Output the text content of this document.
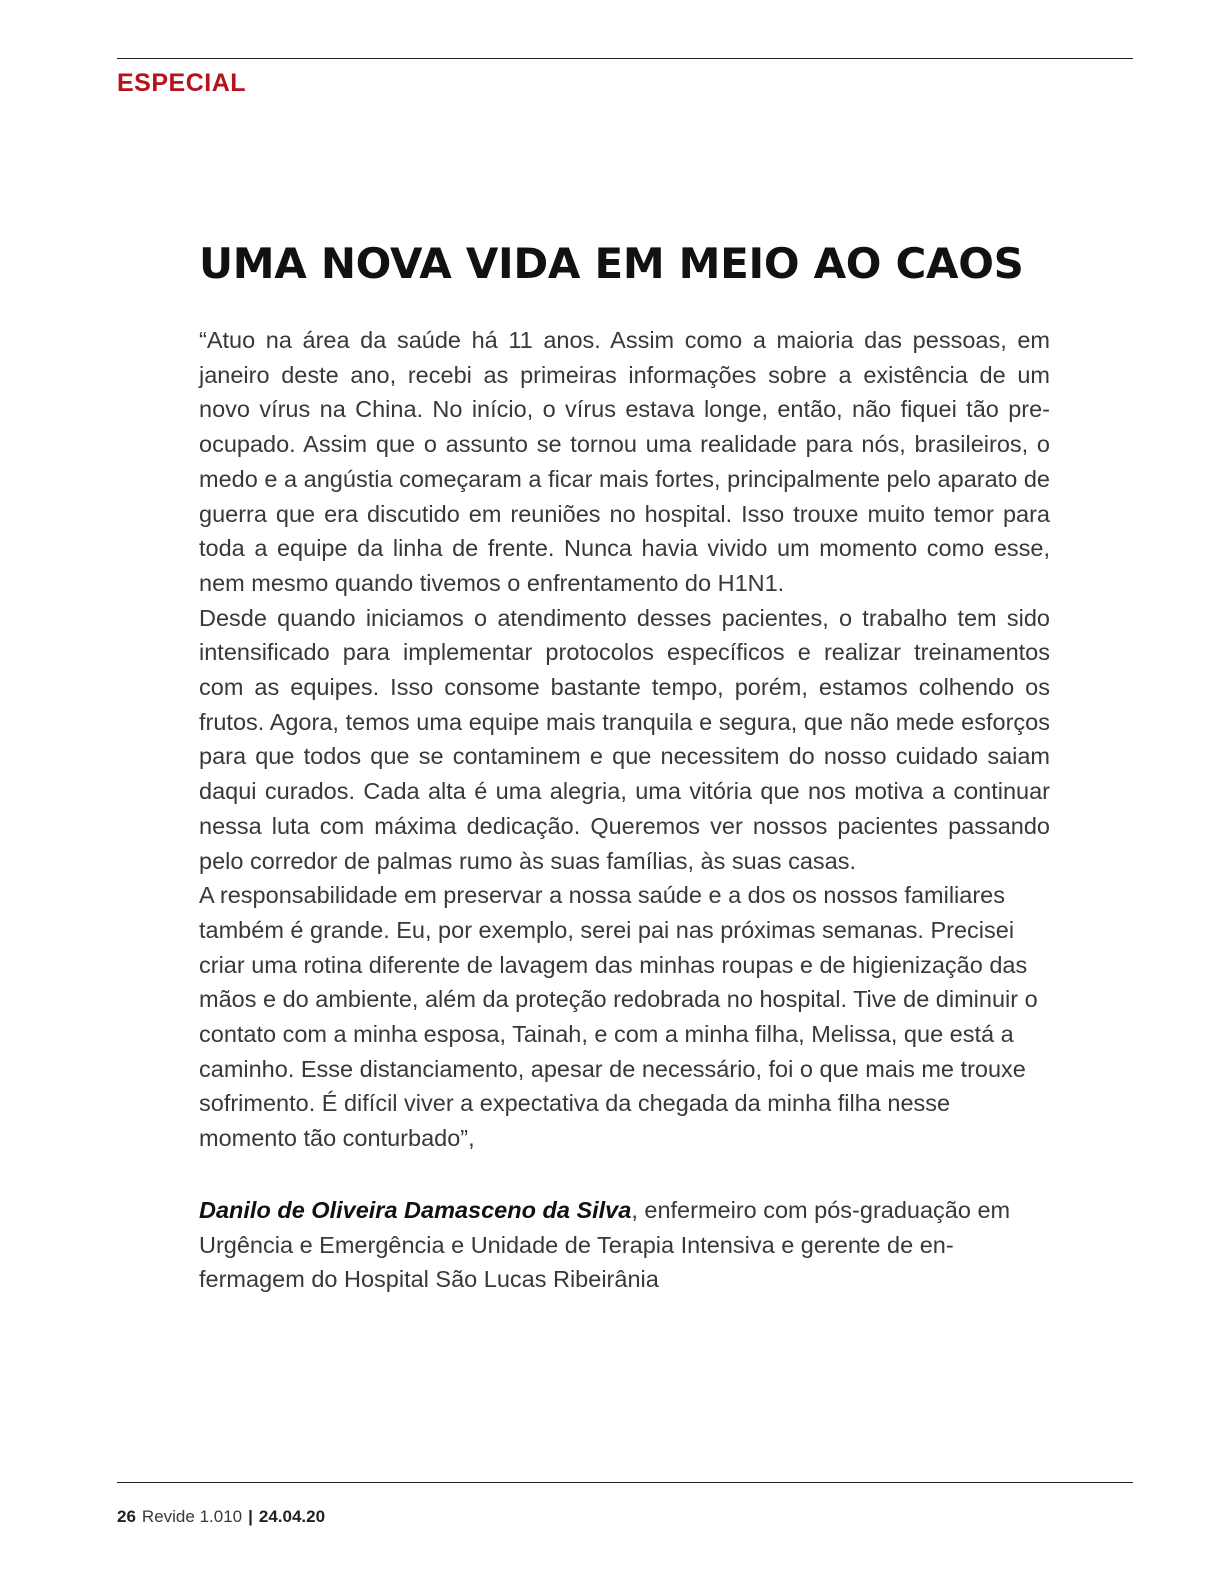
ESPECIAL
UMA NOVA VIDA EM MEIO AO CAOS

“Atuo na área da saúde há 11 anos. Assim como a maioria das pessoas, em janeiro deste ano, recebi as primeiras informações sobre a existência de um novo vírus na China. No início, o vírus estava longe, então, não fiquei tão preocupado. Assim que o assunto se tornou uma realidade para nós, brasileiros, o medo e a angústia começaram a ficar mais fortes, principalmente pelo aparato de guerra que era discutido em reuniões no hospital. Isso trouxe muito temor para toda a equipe da linha de frente. Nunca havia vivido um momento como esse, nem mesmo quando tivemos o enfrentamento do H1N1.

Desde quando iniciamos o atendimento desses pacientes, o trabalho tem sido intensificado para implementar protocolos específicos e realizar treinamentos com as equipes. Isso consome bastante tempo, porém, estamos colhendo os frutos. Agora, temos uma equipe mais tranquila e segura, que não mede esforços para que todos que se contaminem e que necessitem do nosso cuidado saiam daqui curados. Cada alta é uma alegria, uma vitória que nos motiva a continuar nessa luta com máxima dedicação. Queremos ver nossos pacientes passando pelo corredor de palmas rumo às suas famílias, às suas casas.

A responsabilidade em preservar a nossa saúde e a dos os nossos familiares também é grande. Eu, por exemplo, serei pai nas próximas semanas. Precisei criar uma rotina diferente de lavagem das minhas roupas e de higienização das mãos e do ambiente, além da proteção redobrada no hospital. Tive de diminuir o contato com a minha esposa, Tainah, e com a minha filha, Melissa, que está a caminho. Esse distanciamento, apesar de necessário, foi o que mais me trouxe sofrimento. É difícil viver a expectativa da chegada da minha filha nesse momento tão conturbado”,

Danilo de Oliveira Damasceno da Silva, enfermeiro com pós-graduação em Urgência e Emergência e Unidade de Terapia Intensiva e gerente de enfermagem do Hospital São Lucas Ribeirânia

26 Revide 1.010 | 24.04.20
